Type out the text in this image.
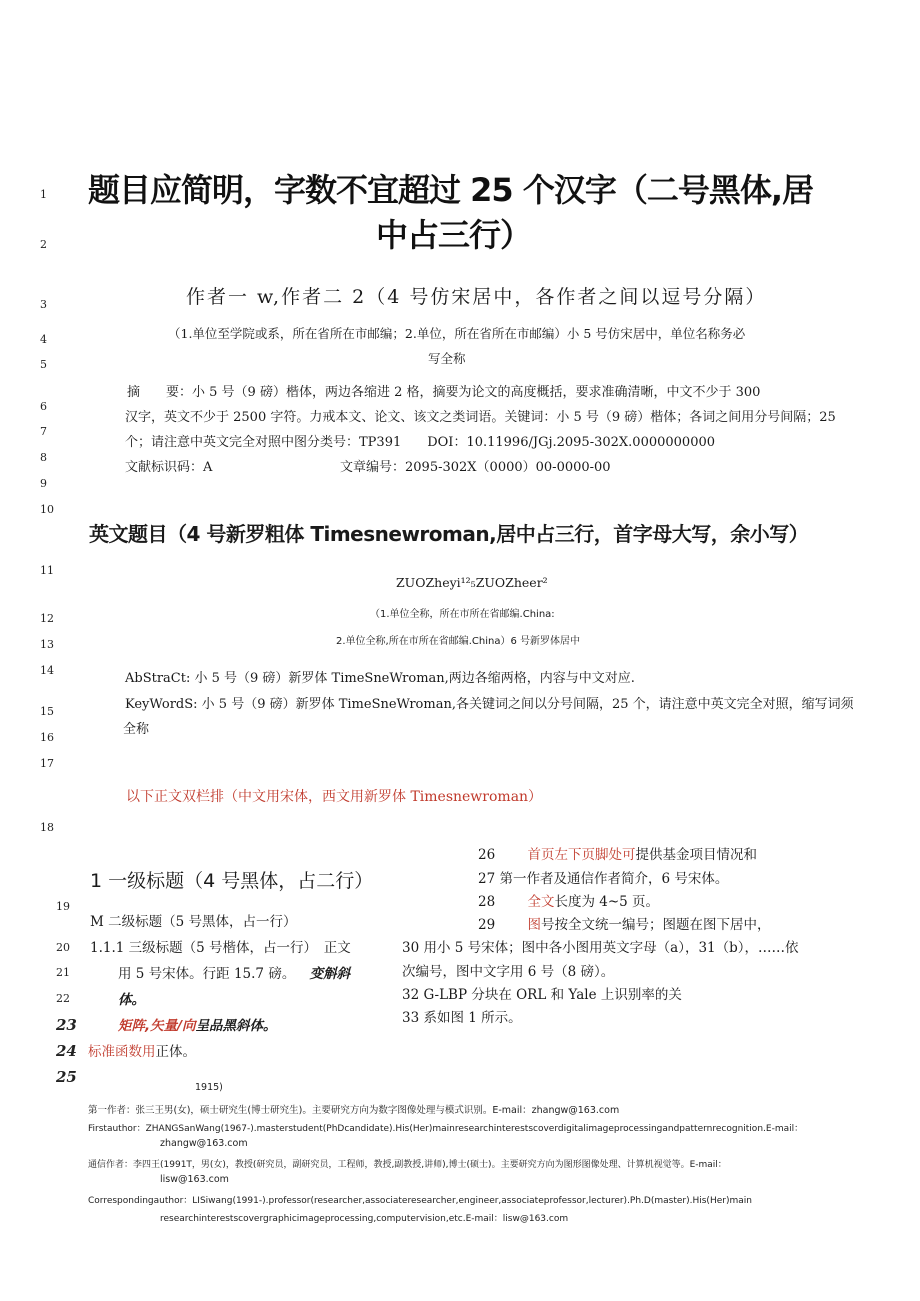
1
2
3
4
5
6
7
8
9
10
11
12
13
14
15
16
17
18
19
20
21
22
23
24
25
题目应简明，字数不宜超过 25 个汉字（二号黑体,居
中占三行）
作者一 w,作者二 2（4 号仿宋居中，各作者之间以逗号分隔）
（1.单位至学院或系，所在省所在市邮编；2.单位，所在省所在市邮编）小 5 号仿宋居中，单位名称务必
写全称
摘　　要：小 5 号（9 磅）楷体，两边各缩进 2 格，摘要为论文的高度概括，要求准确清晰，中文不少于 300
汉字，英文不少于 2500 字符。力戒本文、论文、该文之类词语。关键词：小 5 号（9 磅）楷体；各词之间用分号间隔；25
个；请注意中英文完全对照中图分类号：TP391　　DOI：10.11996/JGj.2095-302X.0000000000
文献标识码：A	文章编号：2095-302X（0000）00-0000-00
英文题目（4 号新罗粗体 Timesnewroman,居中占三行，首字母大写，余小写）
ZUOZheyi¹²₅ZUOZheer²
（1.单位全称，所在市所在省邮编.China:
2.单位全称,所在市所在省邮编.China）6 号新罗体居中
AbStraCt: 小 5 号（9 磅）新罗体 TimeSneWroman,两边各缩两格，内容与中文对应.
KeyWordS: 小 5 号（9 磅）新罗体 TimeSneWroman,各关键词之间以分号间隔，25 个，请注意中英文完全对照，缩写词须
全称
以下正文双栏排（中文用宋体，西文用新罗体 Timesnewroman）
1 一级标题（4 号黑体，占二行）
M 二级标题（5 号黑体，占一行）
1.1.1 三级标题（5 号楷体，占一行）　正文
用 5 号宋体。行距 15.7 磅。 变斛斜
体。
矩阵,矢量/向呈品黑斜体。
标准函数用正体。
26 首页左下页脚处可提供基金项目情况和
27 第一作者及通信作者简介，6 号宋体。
28 全文长度为 4~5 页。
29 图号按全文统一编号；图题在图下居中，
30 用小 5 号宋体；图中各小图用英文字母（a），31（b），……依
次编号，图中文字用 6 号（8 磅）。
32 G-LBP 分块在 ORL 和 Yale 上识别率的关
33 系如图 1 所示。
1915)
第一作者：张三王男(女)，硕士研究生(博士研究生)。主要研究方向为数字图像处理与模式识别。E-mail：zhangw@163.com
Firstauthor：ZHANGSanWang(1967-).masterstudent(PhDcandidate).His(Her)mainresearchinterestscoverdigitalimageprocessingandpatternrecognition.E-mail：
zhangw@163.com
通信作者：李四王(1991T，男(女)，教授(研究员，副研究员，工程师，教授,副教授,讲师),博士(硕士)。主要研究方向为图形图像处理、计算机视觉等。E-mail：
lisw@163.com
Correspondingauthor：LISiwang(1991-).professor(researcher,associateresearcher,engineer,associateprofessor,lecturer).Ph.D(master).His(Her)main
researchinterestscovergraphicimageprocessing,computervision,etc.E-mail：lisw@163.com
